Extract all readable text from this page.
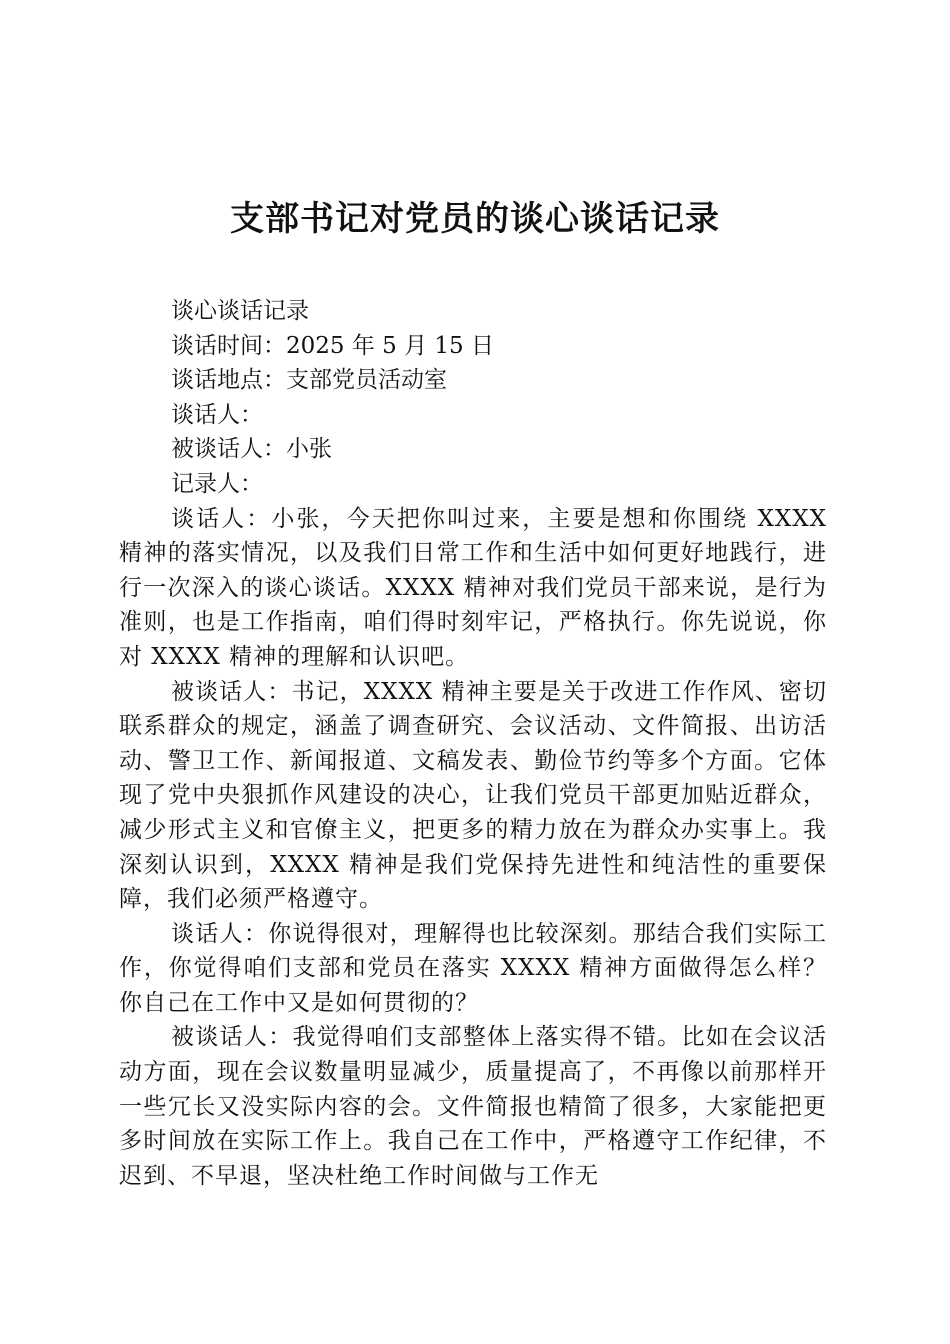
支部书记对党员的谈心谈话记录

谈心谈话记录

谈话时间：2025 年 5 月 15 日

谈话地点：支部党员活动室

谈话人：

被谈话人：小张

记录人：

谈话人：小张，今天把你叫过来，主要是想和你围绕 XXXX 精神的落实情况，以及我们日常工作和生活中如何更好地践行，进行一次深入的谈心谈话。XXXX 精神对我们党员干部来说，是行为准则，也是工作指南，咱们得时刻牢记，严格执行。你先说说，你对 XXXX 精神的理解和认识吧。

被谈话人：书记，XXXX 精神主要是关于改进工作作风、密切联系群众的规定，涵盖了调查研究、会议活动、文件简报、出访活动、警卫工作、新闻报道、文稿发表、勤俭节约等多个方面。它体现了党中央狠抓作风建设的决心，让我们党员干部更加贴近群众，减少形式主义和官僚主义，把更多的精力放在为群众办实事上。我深刻认识到，XXXX 精神是我们党保持先进性和纯洁性的重要保障，我们必须严格遵守。

谈话人：你说得很对，理解得也比较深刻。那结合我们实际工作，你觉得咱们支部和党员在落实 XXXX 精神方面做得怎么样？你自己在工作中又是如何贯彻的？

被谈话人：我觉得咱们支部整体上落实得不错。比如在会议活动方面，现在会议数量明显减少，质量提高了，不再像以前那样开一些冗长又没实际内容的会。文件简报也精简了很多，大家能把更多时间放在实际工作上。我自己在工作中，严格遵守工作纪律，不迟到、不早退，坚决杜绝工作时间做与工作无
